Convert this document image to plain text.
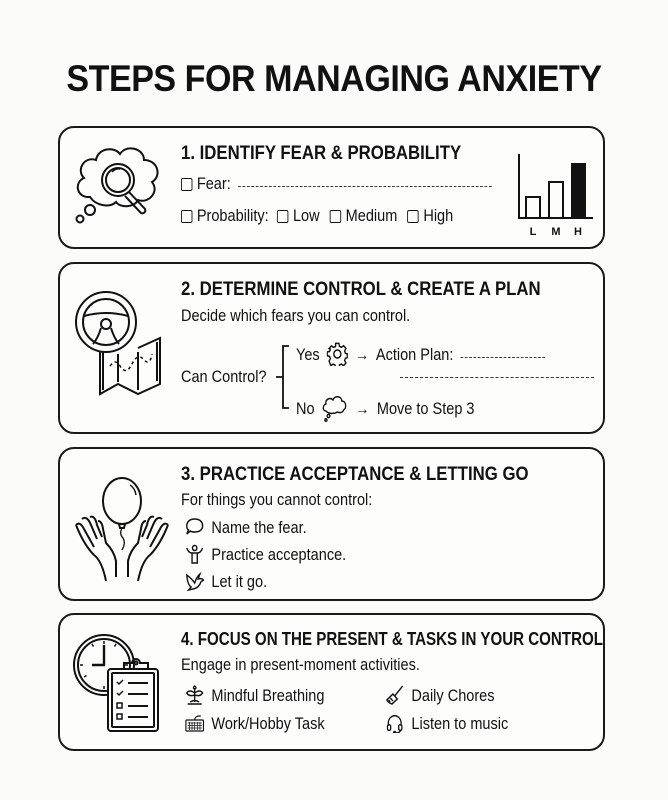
STEPS FOR MANAGING ANXIETY
1. IDENTIFY FEAR & PROBABILITY
Fear:
Probability: Low Medium High
L M H
2. DETERMINE CONTROL & CREATE A PLAN
Decide which fears you can control.
Can Control?
Yes → Action Plan:
No	→ Move to Step 3
3. PRACTICE ACCEPTANCE & LETTING GO
For things you cannot control:
Name the fear.
Practice acceptance.
Let it go.
4. FOCUS ON THE PRESENT & TASKS IN YOUR CONTROL
Engage in present-moment activities.
Mindful Breathing	Daily Chores
Work/Hobby Task	Listen to music
